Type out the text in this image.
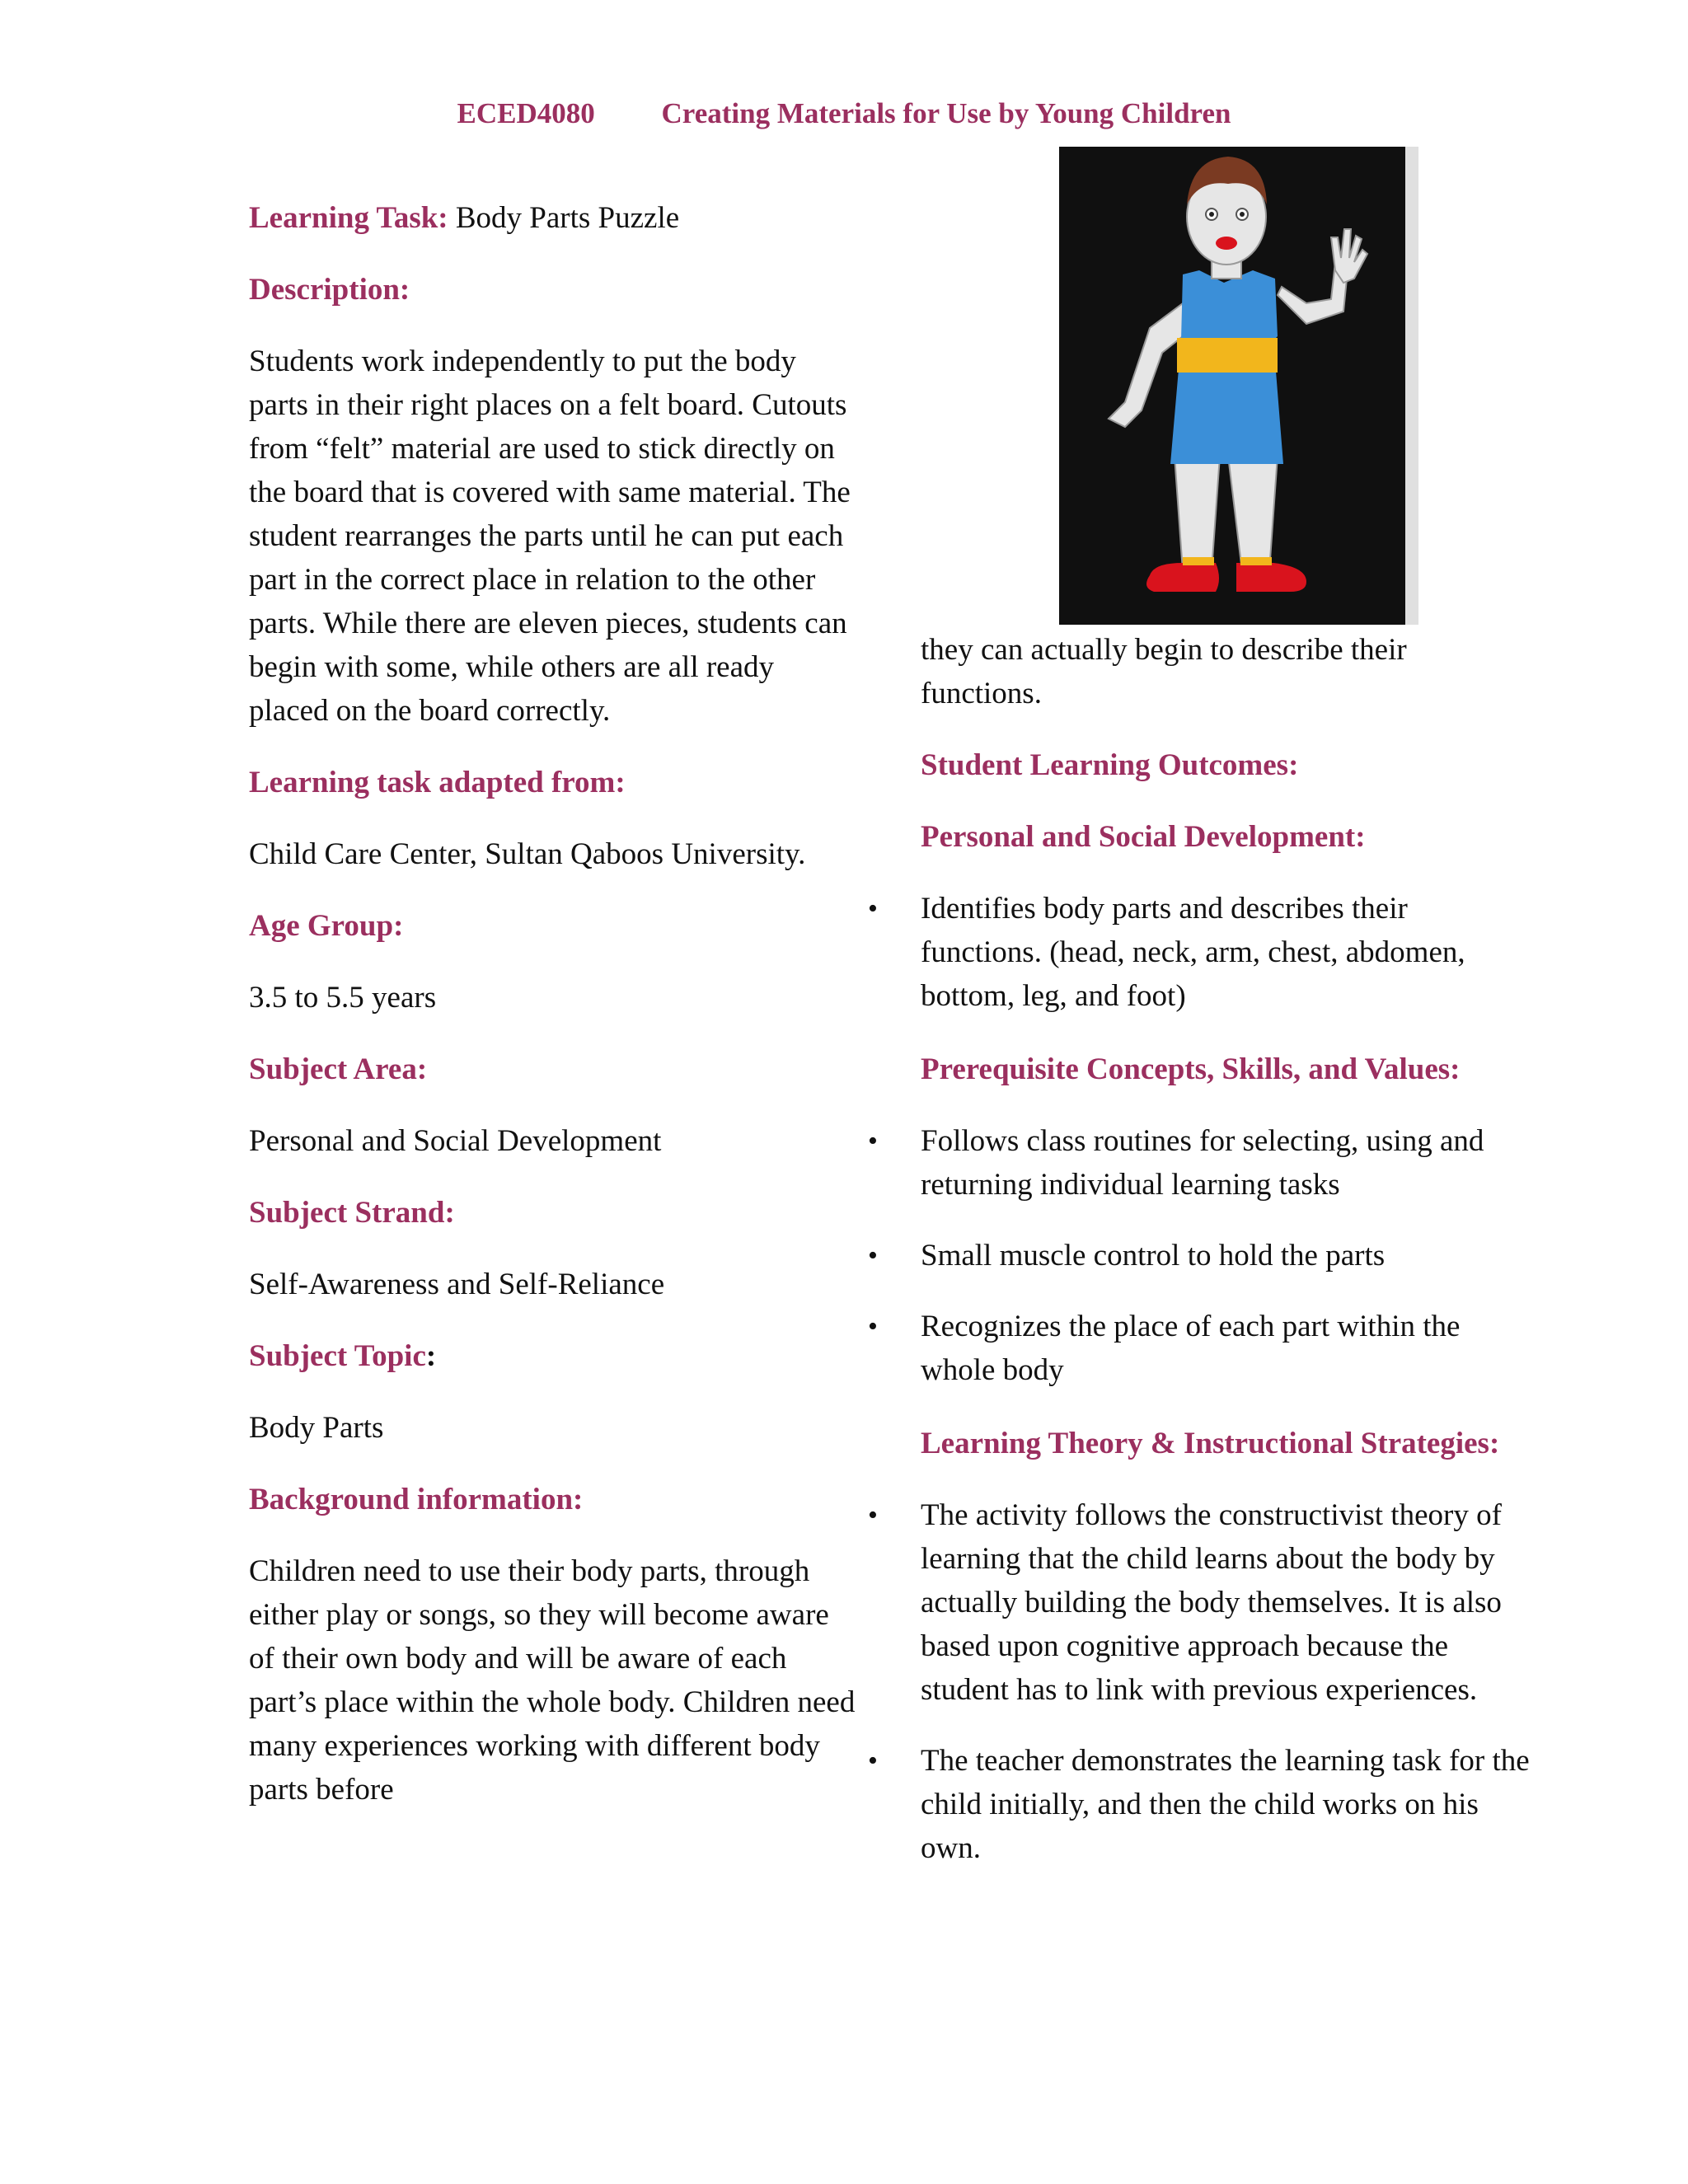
ECED4080 Creating Materials for Use by Young Children

Learning Task: Body Parts Puzzle

Description:

Students work independently to put the body parts in their right places on a felt board. Cutouts from “felt” material are used to stick directly on the board that is covered with same material. The student rearranges the parts until he can put each part in the correct place in relation to the other parts. While there are eleven pieces, students can begin with some, while others are all ready placed on the board correctly.

Learning task adapted from:

Child Care Center, Sultan Qaboos University.

Age Group:

3.5 to 5.5 years

Subject Area:

Personal and Social Development

Subject Strand:

Self-Awareness and Self-Reliance

Subject Topic:

Body Parts

Background information:

Children need to use their body parts, through either play or songs, so they will become aware of their own body and will be aware of each part’s place within the whole body. Children need many experiences working with different body parts before

they can actually begin to describe their functions.

Student Learning Outcomes:

Personal and Social Development:

• Identifies body parts and describes their functions. (head, neck, arm, chest, abdomen, bottom, leg, and foot)

Prerequisite Concepts, Skills, and Values:

• Follows class routines for selecting, using and returning individual learning tasks
• Small muscle control to hold the parts
• Recognizes the place of each part within the whole body

Learning Theory & Instructional Strategies:

• The activity follows the constructivist theory of learning that the child learns about the body by actually building the body themselves. It is also based upon cognitive approach because the student has to link with previous experiences.
• The teacher demonstrates the learning task for the child initially, and then the child works on his own.
